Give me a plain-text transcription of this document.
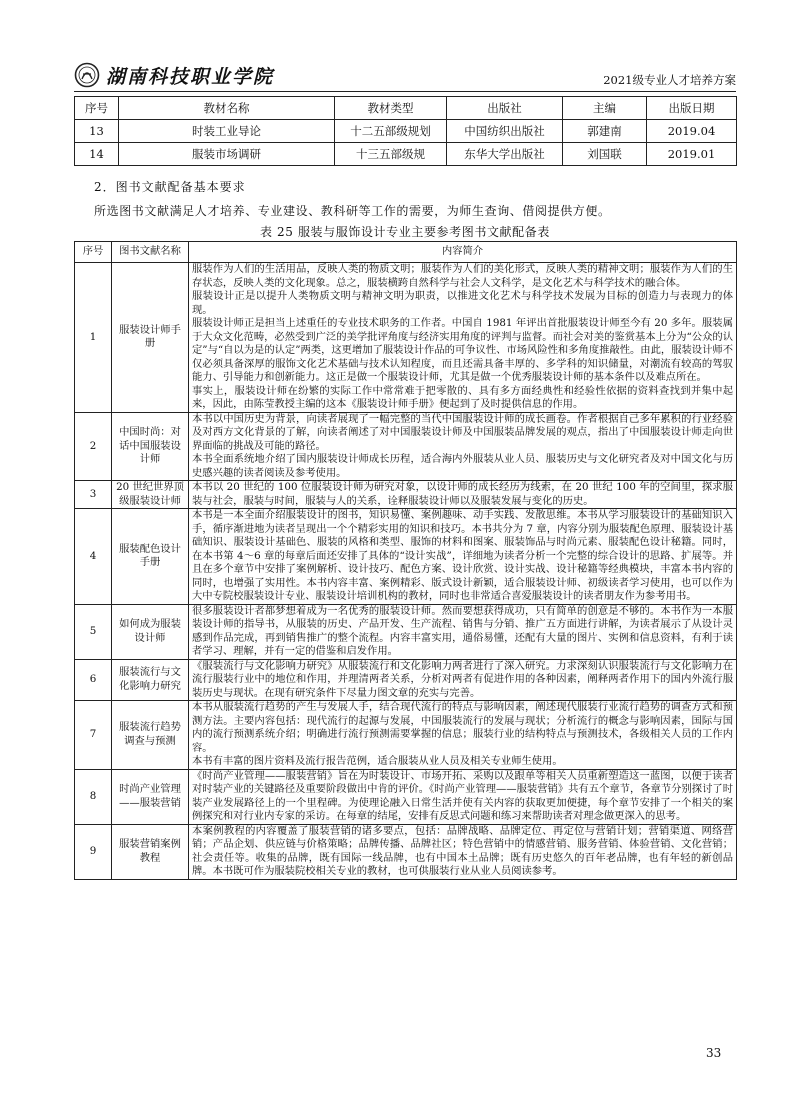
湖南科技职业学院	2021级专业人才培养方案
序号	教材名称	教材类型	出版社	主编	出版日期
13	时装工业导论	十二五部级规划	中国纺织出版社	郭建南	2019.04
14	服装市场调研	十三五部级规	东华大学出版社	刘国联	2019.01
2．图书文献配备基本要求
所选图书文献满足人才培养、专业建设、教科研等工作的需要，为师生查询、借阅提供方便。
表 25 服装与服饰设计专业主要参考图书文献配备表
序号	图书文献名称	内容简介
1	服装设计师手册	服装作为人们的生活用品，反映人类的物质文明；服装作为人们的美化形式，反映人类的精神文明；服装作为人们的生存状态，反映人类的文化现象。总之，服装横跨自然科学与社会人文科学，是文化艺术与科学技术的融合体。
服装设计正是以提升人类物质文明与精神文明为职责，以推进文化艺术与科学技术发展为目标的创造力与表现力的体现。
服装设计师正是担当上述重任的专业技术职务的工作者。中国自 1981 年评出首批服装设计师至今有 20 多年。服装属于大众文化范畴，必然受到广泛的美学批评角度与经济实用角度的评判与监督。而社会对美的鉴赏基本上分为“公众的认定”与“自以为是的认定”两类，这更增加了服装设计作品的可争议性、市场风险性和多角度推敲性。由此，服装设计师不仅必须具备深厚的服饰文化艺术基础与技术认知程度，而且还需具备丰厚的、多学科的知识储量，对潮流有较高的驾驭能力、引导能力和创新能力。这正是做一个服装设计师，尤其是做一个优秀服装设计师的基本条件以及难点所在。
事实上，服装设计师在纷繁的实际工作中常常难于把零散的、具有多方面经典性和经验性依据的资料查找到并集中起来，因此，由陈莹教授主编的这本《服装设计师手册》便起到了及时提供信息的作用。

2	中国时尚：对话中国服装设计师	本书以中国历史为背景，向读者展现了一幅完整的当代中国服装设计师的成长画卷。作者根据自己多年累积的行业经验及对西方文化背景的了解，向读者阐述了对中国服装设计师及中国服装品牌发展的观点，指出了中国服装设计师走向世界面临的挑战及可能的路径。
本书全面系统地介绍了国内服装设计师成长历程，适合海内外服装从业人员、服装历史与文化研究者及对中国文化与历史感兴趣的读者阅读及参考使用。

3	20 世纪世界顶级服装设计师	本书以 20 世纪的 100 位服装设计师为研究对象，以设计师的成长经历为线索，在 20 世纪 100 年的空间里，探求服装与社会，服装与时间，服装与人的关系，诠释服装设计师以及服装发展与变化的历史。

4	服装配色设计手册	本书是一本全面介绍服装设计的图书，知识易懂、案例趣味、动手实践、发散思维。本书从学习服装设计的基础知识入手，循序渐进地为读者呈现出一个个精彩实用的知识和技巧。本书共分为 7 章，内容分别为服装配色原理、服装设计基础知识、服装设计基础色、服装的风格和类型、服饰的材料和图案、服装饰品与时尚元素、服装配色设计秘籍。同时，在本书第 4～6 章的每章后面还安排了具体的“设计实战”，详细地为读者分析一个完整的综合设计的思路、扩展等。并且在多个章节中安排了案例解析、设计技巧、配色方案、设计欣赏、设计实战、设计秘籍等经典模块，丰富本书内容的同时，也增强了实用性。本书内容丰富、案例精彩、版式设计新颖，适合服装设计师、初级读者学习使用，也可以作为大中专院校服装设计专业、服装设计培训机构的教材，同时也非常适合喜爱服装设计的读者朋友作为参考用书。

5	如何成为服装设计师	很多服装设计者都梦想着成为一名优秀的服装设计师。然而要想获得成功，只有简单的创意是不够的。本书作为一本服装设计师的指导书，从服装的历史、产品开发、生产流程、销售与分销、推广五方面进行讲解，为读者展示了从设计灵感到作品完成，再到销售推广的整个流程。内容丰富实用，通俗易懂，还配有大量的图片、实例和信息资料，有利于读者学习、理解，并有一定的借鉴和启发作用。

6	服装流行与文化影响力研究	《服装流行与文化影响力研究》从服装流行和文化影响力两者进行了深入研究。力求深刻认识服装流行与文化影响力在流行服装行业中的地位和作用，并理清两者关系，分析对两者有促进作用的各种因素，阐释两者作用下的国内外流行服装历史与现状。在现有研究条件下尽量力图文章的充实与完善。

7	服装流行趋势调查与预测	本书从服装流行趋势的产生与发展人手，结合现代流行的特点与影响因素，阐述现代服装行业流行趋势的调查方式和预测方法。主要内容包括：现代流行的起源与发展，中国服装流行的发展与现状；分析流行的概念与影响因素，国际与国内的流行预测系统介绍；明确进行流行预测需要掌握的信息；服装行业的结构特点与预测技术，各级相关人员的工作内容。
本书有丰富的图片资料及流行报告范例，适合服装从业人员及相关专业师生使用。

8	时尚产业管理——服装营销	《时尚产业管理——服装营销》旨在为时装设计、市场开拓、采购以及跟单等相关人员重新塑造这一蓝图，以便于读者对时装产业的关键路径及重要阶段做出中肯的评价。《时尚产业管理——服装营销》共有五个章节，各章节分别探讨了时装产业发展路径上的一个里程碑。为使理论融入日常生活并使有关内容的获取更加便捷，每个章节安排了一个相关的案例探究和对行业内专家的采访。在每章的结尾，安排有反思式问题和练习来帮助读者对理念做更深入的思考。

9	服装营销案例教程	本案例教程的内容覆盖了服装营销的诸多要点，包括：品牌战略、品牌定位、再定位与营销计划；营销渠道、网络营销；产品企划、供应链与价格策略；品牌传播、品牌社区；特色营销中的情感营销、服务营销、体验营销、文化营销；社会责任等。收集的品牌，既有国际一线品牌，也有中国本土品牌；既有历史悠久的百年老品牌，也有年轻的新创品牌。本书既可作为服装院校相关专业的教材，也可供服装行业从业人员阅读参考。
33
